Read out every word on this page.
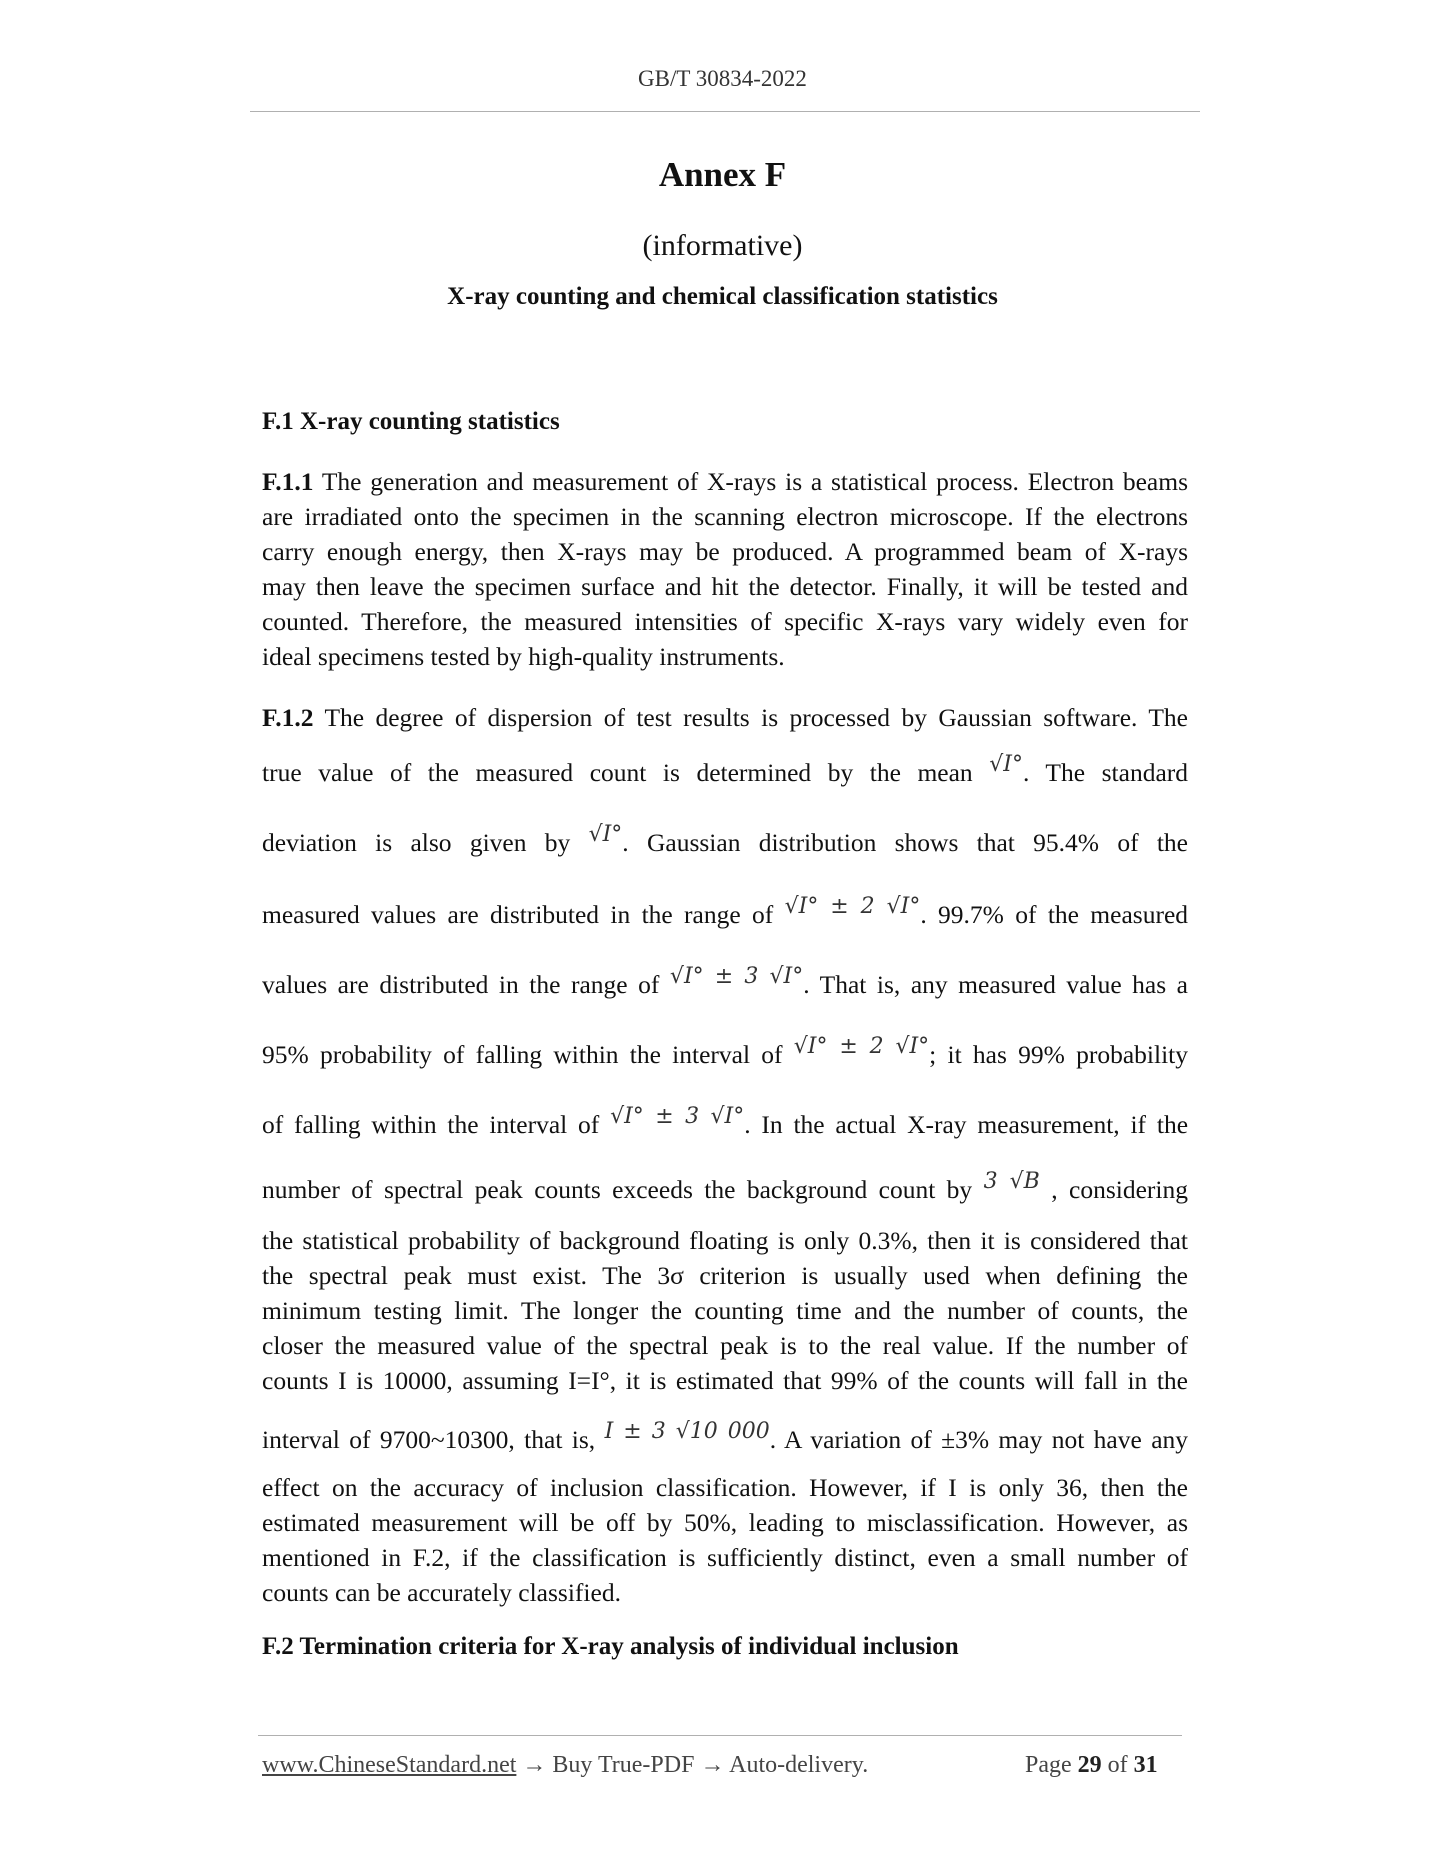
GB/T 30834-2022
Annex F
(informative)
X-ray counting and chemical classification statistics
F.1 X-ray counting statistics
F.1.1 The generation and measurement of X-rays is a statistical process. Electron beams
are irradiated onto the specimen in the scanning electron microscope. If the electrons
carry enough energy, then X-rays may be produced. A programmed beam of X-rays
may then leave the specimen surface and hit the detector. Finally, it will be tested and
counted. Therefore, the measured intensities of specific X-rays vary widely even for
ideal specimens tested by high-quality instruments.
F.1.2 The degree of dispersion of test results is processed by Gaussian software. The
true value of the measured count is determined by the mean √I°. The standard
deviation is also given by √I°. Gaussian distribution shows that 95.4% of the
measured values are distributed in the range of √I° ± 2 √I°. 99.7% of the measured
values are distributed in the range of √I° ± 3 √I°. That is, any measured value has a
95% probability of falling within the interval of √I° ± 2 √I°; it has 99% probability
of falling within the interval of √I° ± 3 √I°. In the actual X-ray measurement, if the
number of spectral peak counts exceeds the background count by 3 √B , considering
the statistical probability of background floating is only 0.3%, then it is considered that
the spectral peak must exist. The 3σ criterion is usually used when defining the
minimum testing limit. The longer the counting time and the number of counts, the
closer the measured value of the spectral peak is to the real value. If the number of
counts I is 10000, assuming I=I°, it is estimated that 99% of the counts will fall in the
interval of 9700~10300, that is, I ± 3 √10 000. A variation of ±3% may not have any
effect on the accuracy of inclusion classification. However, if I is only 36, then the
estimated measurement will be off by 50%, leading to misclassification. However, as
mentioned in F.2, if the classification is sufficiently distinct, even a small number of
counts can be accurately classified.
F.2 Termination criteria for X-ray analysis of individual inclusion
www.ChineseStandard.net → Buy True-PDF → Auto-delivery.	Page 29 of 31
